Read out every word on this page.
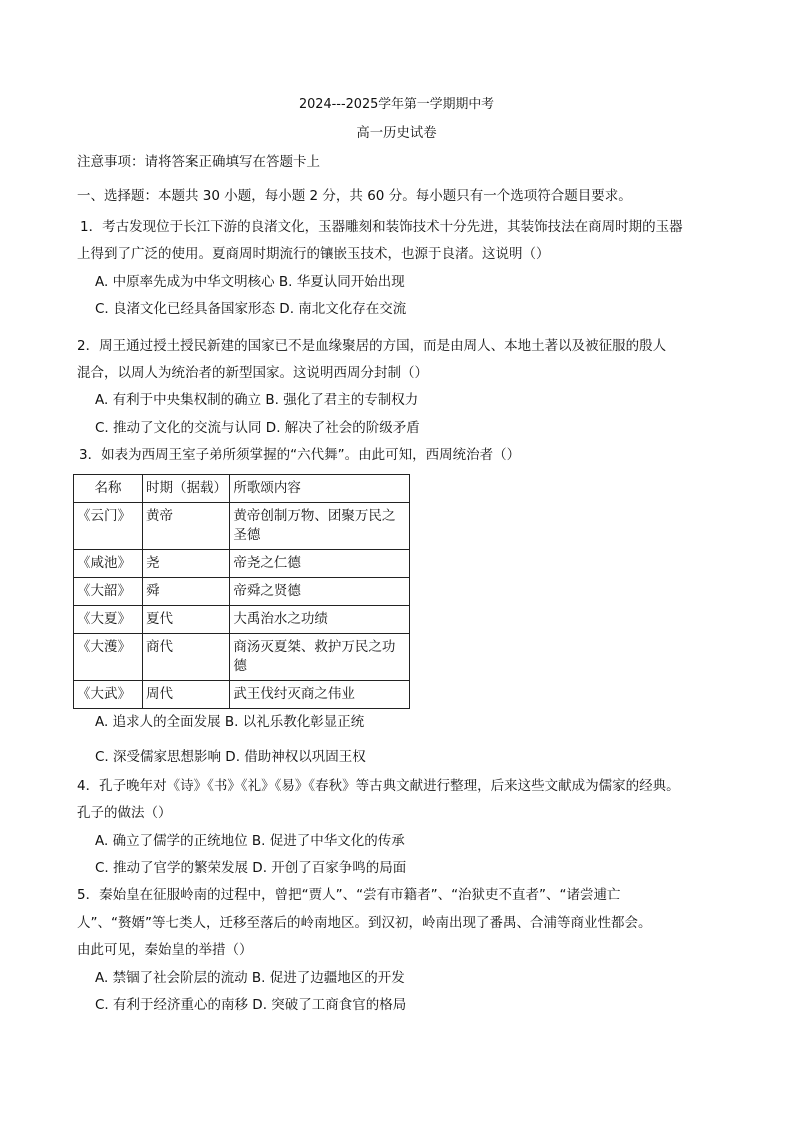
2024---2025学年第一学期期中考
高一历史试卷
注意事项：请将答案正确填写在答题卡上
一、选择题：本题共 30 小题，每小题 2 分，共 60 分。每小题只有一个选项符合题目要求。
1．考古发现位于长江下游的良渚文化，玉器雕刻和装饰技术十分先进，其装饰技法在商周时期的玉器
上得到了广泛的使用。夏商周时期流行的镶嵌玉技术，也源于良渚。这说明（）
A. 中原率先成为中华文明核心 B. 华夏认同开始出现
C. 良渚文化已经具备国家形态 D. 南北文化存在交流
2．周王通过授土授民新建的国家已不是血缘聚居的方国，而是由周人、本地土著以及被征服的殷人
混合，以周人为统治者的新型国家。这说明西周分封制（）
A. 有利于中央集权制的确立 B. 强化了君主的专制权力
C. 推动了文化的交流与认同 D. 解决了社会的阶级矛盾
3．如表为西周王室子弟所须掌握的“六代舞”。由此可知，西周统治者（）
名称	时期（据载）	所歌颂内容
《云门》	黄帝	黄帝创制万物、团聚万民之圣德
《咸池》	尧	帝尧之仁德
《大韶》	舜	帝舜之贤德
《大夏》	夏代	大禹治水之功绩
《大濩》	商代	商汤灭夏桀、救护万民之功德
《大武》	周代	武王伐纣灭商之伟业
A. 追求人的全面发展 B. 以礼乐教化彰显正统
C. 深受儒家思想影响 D. 借助神权以巩固王权
4．孔子晚年对《诗》《书》《礼》《易》《春秋》等古典文献进行整理，后来这些文献成为儒家的经典。
孔子的做法（）
A. 确立了儒学的正统地位 B. 促进了中华文化的传承
C. 推动了官学的繁荣发展 D. 开创了百家争鸣的局面
5．秦始皇在征服岭南的过程中，曾把“贾人”、“尝有市籍者”、“治狱吏不直者”、“诸尝逋亡
人”、“赘婿”等七类人，迁移至落后的岭南地区。到汉初，岭南出现了番禺、合浦等商业性都会。
由此可见，秦始皇的举措（）
A. 禁锢了社会阶层的流动 B. 促进了边疆地区的开发
C. 有利于经济重心的南移 D. 突破了工商食官的格局
